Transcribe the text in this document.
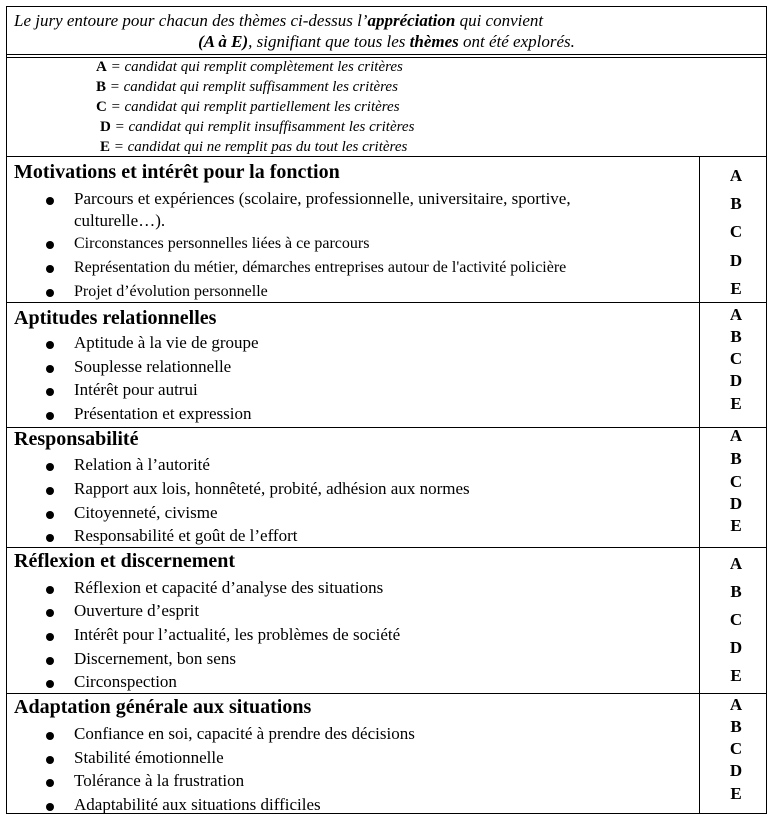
Le jury entoure pour chacun des thèmes ci-dessus l’appréciation qui convient
(A à E), signifiant que tous les thèmes ont été explorés.
A = candidat qui remplit complètement les critères
B = candidat qui remplit suffisamment les critères
C = candidat qui remplit partiellement les critères
D = candidat qui remplit insuffisamment les critères
E = candidat qui ne remplit pas du tout les critères
Motivations et intérêt pour la fonction
Parcours et expériences (scolaire, professionnelle, universitaire, sportive,
culturelle…).
Circonstances personnelles liées à ce parcours
Représentation du métier, démarches entreprises autour de l'activité policière
Projet d’évolution personnelle
A
B
C
D
E
Aptitudes relationnelles
Aptitude à la vie de groupe
Souplesse relationnelle
Intérêt pour autrui
Présentation et expression
A
B
C
D
E
Responsabilité
Relation à l’autorité
Rapport aux lois, honnêteté, probité, adhésion aux normes
Citoyenneté, civisme
Responsabilité et goût de l’effort
A
B
C
D
E
Réflexion et discernement
Réflexion et capacité d’analyse des situations
Ouverture d’esprit
Intérêt pour l’actualité, les problèmes de société
Discernement, bon sens
Circonspection
A
B
C
D
E
Adaptation générale aux situations
Confiance en soi, capacité à prendre des décisions
Stabilité émotionnelle
Tolérance à la frustration
Adaptabilité aux situations difficiles
A
B
C
D
E
